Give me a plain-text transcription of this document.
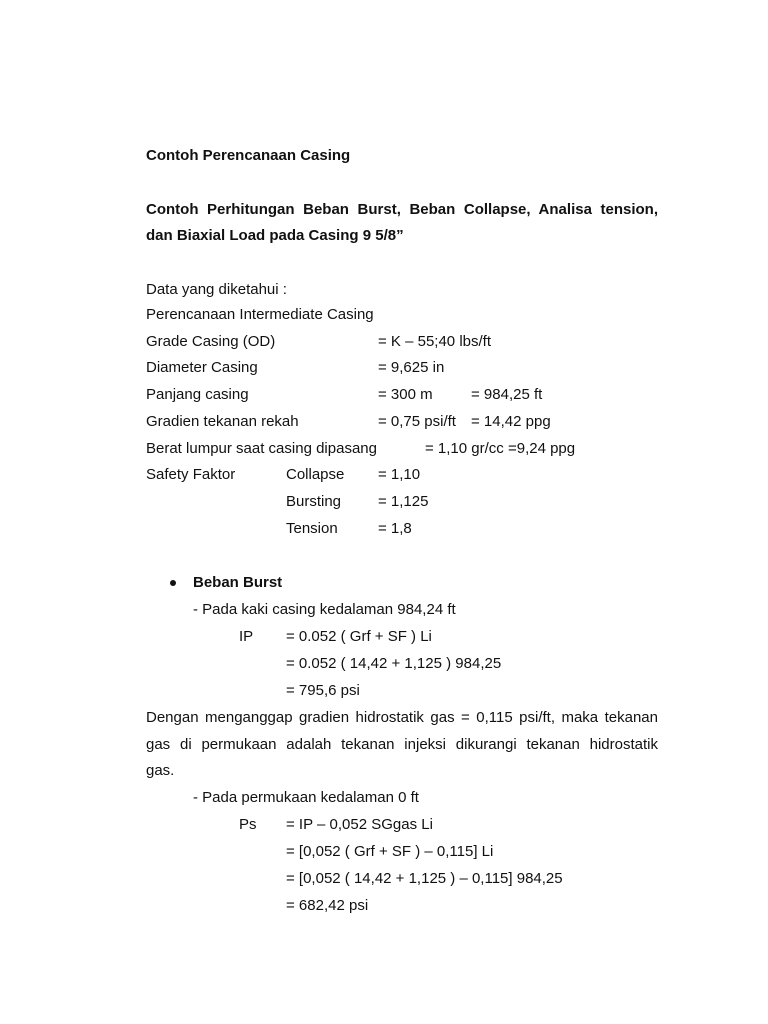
Contoh Perencanaan Casing
Contoh Perhitungan Beban Burst, Beban Collapse, Analisa tension,
dan Biaxial Load pada Casing 9 5/8”
Data yang diketahui :
Perencanaan Intermediate Casing
Grade Casing (OD)	= K – 55;40 lbs/ft
Diameter Casing	= 9,625 in
Panjang casing	= 300 m	= 984,25 ft
Gradien tekanan rekah	= 0,75 psi/ft = 14,42 ppg
Berat lumpur saat casing dipasang	= 1,10 gr/cc =9,24 ppg
Safety Faktor	Collapse = 1,10
Bursting = 1,125
Tension	= 1,8
Beban Burst
- Pada kaki casing kedalaman 984,24 ft
IP = 0.052 ( Grf + SF ) Li
= 0.052 ( 14,42 + 1,125 ) 984,25
= 795,6 psi
Dengan menganggap gradien hidrostatik gas = 0,115 psi/ft, maka tekanan
gas di permukaan adalah tekanan injeksi dikurangi tekanan hidrostatik
gas.
- Pada permukaan kedalaman 0 ft
Ps = IP – 0,052 SGgas Li
= [0,052 ( Grf + SF ) – 0,115] Li
= [0,052 ( 14,42 + 1,125 ) – 0,115] 984,25
= 682,42 psi
